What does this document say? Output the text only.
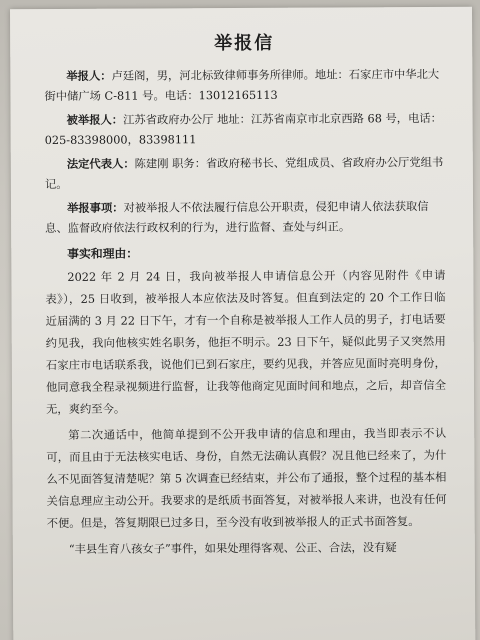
举报信
举报人：卢廷阁，男，河北标致律师事务所律师。地址：石家庄市中华北大街中储广场 C-811 号。电话：13012165113
被举报人：江苏省政府办公厅 地址：江苏省南京市北京西路 68 号，电话：025-83398000，83398111
法定代表人：陈建刚 职务：省政府秘书长、党组成员、省政府办公厅党组书记。
举报事项：对被举报人不依法履行信息公开职责，侵犯申请人依法获取信息、监督政府依法行政权利的行为，进行监督、查处与纠正。
事实和理由：

2022 年 2 月 24 日，我向被举报人申请信息公开（内容见附件《申请表》），25 日收到，被举报人本应依法及时答复。但直到法定的 20 个工作日临近届满的 3 月 22 日下午，才有一个自称是被举报人工作人员的男子，打电话要约见我，我向他核实姓名职务，他拒不明示。23 日下午，疑似此男子又突然用石家庄市电话联系我，说他们已到石家庄，要约见我，并答应见面时亮明身份，他同意我全程录视频进行监督，让我等他商定见面时间和地点，之后，却音信全无，爽约至今。

第二次通话中，他简单提到不公开我申请的信息和理由，我当即表示不认可，而且由于无法核实电话、身份，自然无法确认真假？况且他已经来了，为什么不见面答复清楚呢？第 5 次调查已经结束，并公布了通报，整个过程的基本相关信息理应主动公开。我要求的是纸质书面答复，对被举报人来讲，也没有任何不便。但是，答复期限已过多日，至今没有收到被举报人的正式书面答复。

“丰县生育八孩女子”事件，如果处理得客观、公正、合法，没有疑
